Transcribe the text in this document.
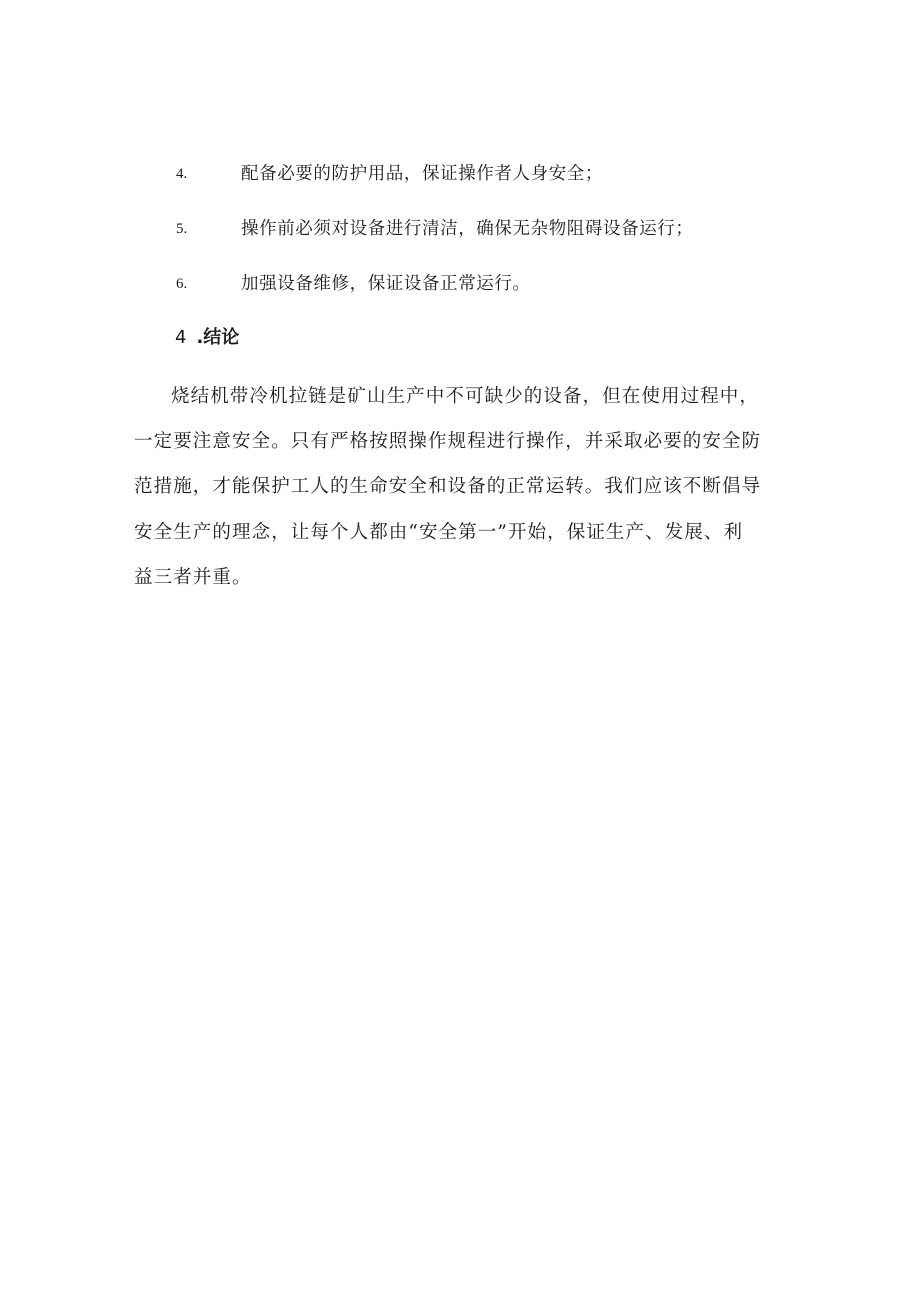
4.	配备必要的防护用品，保证操作者人身安全；
5.	操作前必须对设备进行清洁，确保无杂物阻碍设备运行；
6.	加强设备维修，保证设备正常运行。
4 .结论
烧结机带冷机拉链是矿山生产中不可缺少的设备，但在使用过程中，
一定要注意安全。只有严格按照操作规程进行操作，并采取必要的安全防
范措施，才能保护工人的生命安全和设备的正常运转。我们应该不断倡导
安全生产的理念，让每个人都由“安全第一”开始，保证生产、发展、利
益三者并重。
